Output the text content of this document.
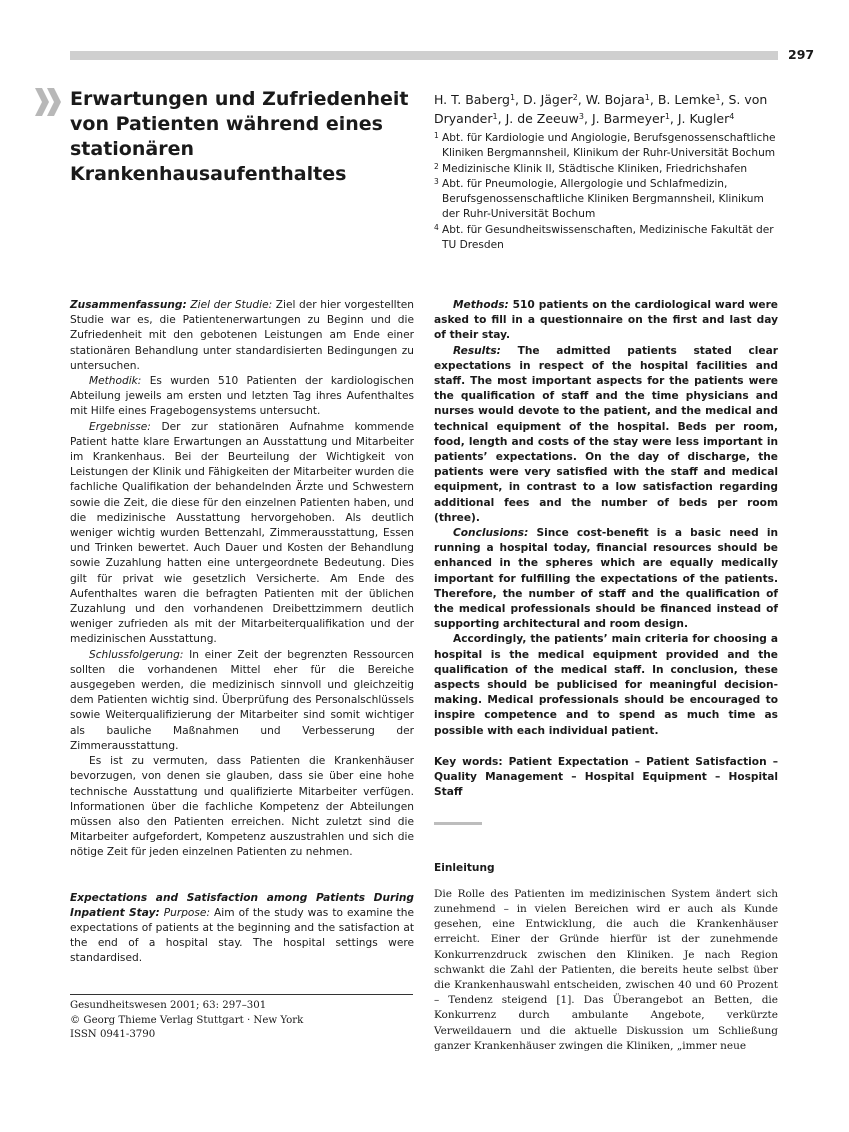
297
Erwartungen und Zufriedenheit von Patienten während eines stationären Krankenhausaufenthaltes
H. T. Baberg$^1$, D. Jäger$^2$, W. Bojara$^1$, B. Lemke$^1$, S. von Dryander$^1$, J. de Zeeuw$^3$, J. Barmeyer$^1$, J. Kugler$^4$
1 Abt. für Kardiologie und Angiologie, Berufsgenossenschaftliche Kliniken Bergmannsheil, Klinikum der Ruhr-Universität Bochum
2 Medizinische Klinik II, Städtische Kliniken, Friedrichshafen
3 Abt. für Pneumologie, Allergologie und Schlafmedizin, Berufsgenossenschaftliche Kliniken Bergmannsheil, Klinikum der Ruhr-Universität Bochum
4 Abt. für Gesundheitswissenschaften, Medizinische Fakultät der TU Dresden

Zusammenfassung: Ziel der Studie: Ziel der hier vorgestellten Studie war es, die Patientenerwartungen zu Beginn und die Zufriedenheit mit den gebotenen Leistungen am Ende einer stationären Behandlung unter standardisierten Bedingungen zu untersuchen.

Methodik: Es wurden 510 Patienten der kardiologischen Abteilung jeweils am ersten und letzten Tag ihres Aufenthaltes mit Hilfe eines Fragebogensystems untersucht.

Ergebnisse: Der zur stationären Aufnahme kommende Patient hatte klare Erwartungen an Ausstattung und Mitarbeiter im Krankenhaus. Bei der Beurteilung der Wichtigkeit von Leistungen der Klinik und Fähigkeiten der Mitarbeiter wurden die fachliche Qualifikation der behandelnden Ärzte und Schwestern sowie die Zeit, die diese für den einzelnen Patienten haben, und die medizinische Ausstattung hervorgehoben. Als deutlich weniger wichtig wurden Bettenzahl, Zimmerausstattung, Essen und Trinken bewertet. Auch Dauer und Kosten der Behandlung sowie Zuzahlung hatten eine untergeordnete Bedeutung. Dies gilt für privat wie gesetzlich Versicherte. Am Ende des Aufenthaltes waren die befragten Patienten mit der üblichen Zuzahlung und den vorhandenen Dreibettzimmern deutlich weniger zufrieden als mit der Mitarbeiterqualifikation und der medizinischen Ausstattung.

Schlussfolgerung: In einer Zeit der begrenzten Ressourcen sollten die vorhandenen Mittel eher für die Bereiche ausgegeben werden, die medizinisch sinnvoll und gleichzeitig dem Patienten wichtig sind. Überprüfung des Personalschlüssels sowie Weiterqualifizierung der Mitarbeiter sind somit wichtiger als bauliche Maßnahmen und Verbesserung der Zimmerausstattung.

Es ist zu vermuten, dass Patienten die Krankenhäuser bevorzugen, von denen sie glauben, dass sie über eine hohe technische Ausstattung und qualifizierte Mitarbeiter verfügen. Informationen über die fachliche Kompetenz der Abteilungen müssen also den Patienten erreichen. Nicht zuletzt sind die Mitarbeiter aufgefordert, Kompetenz auszustrahlen und sich die nötige Zeit für jeden einzelnen Patienten zu nehmen.

Expectations and Satisfaction among Patients During Inpatient Stay: Purpose: Aim of the study was to examine the expectations of patients at the beginning and the satisfaction at the end of a hospital stay. The hospital settings were standardised.

Methods: 510 patients on the cardiological ward were asked to fill in a questionnaire on the first and last day of their stay.

Results: The admitted patients stated clear expectations in respect of the hospital facilities and staff. The most important aspects for the patients were the qualification of staff and the time physicians and nurses would devote to the patient, and the medical and technical equipment of the hospital. Beds per room, food, length and costs of the stay were less important in patients’ expectations. On the day of discharge, the patients were very satisfied with the staff and medical equipment, in contrast to a low satisfaction regarding additional fees and the number of beds per room (three).

Conclusions: Since cost-benefit is a basic need in running a hospital today, financial resources should be enhanced in the spheres which are equally medically important for fulfilling the expectations of the patients. Therefore, the number of staff and the qualification of the medical professionals should be financed instead of supporting architectural and room design.

Accordingly, the patients’ main criteria for choosing a hospital is the medical equipment provided and the qualification of the medical staff. In conclusion, these aspects should be publicised for meaningful decision-making. Medical professionals should be encouraged to inspire competence and to spend as much time as possible with each individual patient.

Key words: Patient Expectation – Patient Satisfaction – Quality Management – Hospital Equipment – Hospital Staff

Einleitung

Die Rolle des Patienten im medizinischen System ändert sich zunehmend – in vielen Bereichen wird er auch als Kunde gesehen, eine Entwicklung, die auch die Krankenhäuser erreicht. Einer der Gründe hierfür ist der zunehmende Konkurrenzdruck zwischen den Kliniken. Je nach Region schwankt die Zahl der Patienten, die bereits heute selbst über die Krankenhauswahl entscheiden, zwischen 40 und 60 Prozent – Tendenz steigend [1]. Das Überangebot an Betten, die Konkurrenz durch ambulante Angebote, verkürzte Verweildauern und die aktuelle Diskussion um Schließung ganzer Krankenhäuser zwingen die Kliniken, „immer neue

Gesundheitswesen 2001; 63: 297–301
© Georg Thieme Verlag Stuttgart · New York
ISSN 0941-3790
